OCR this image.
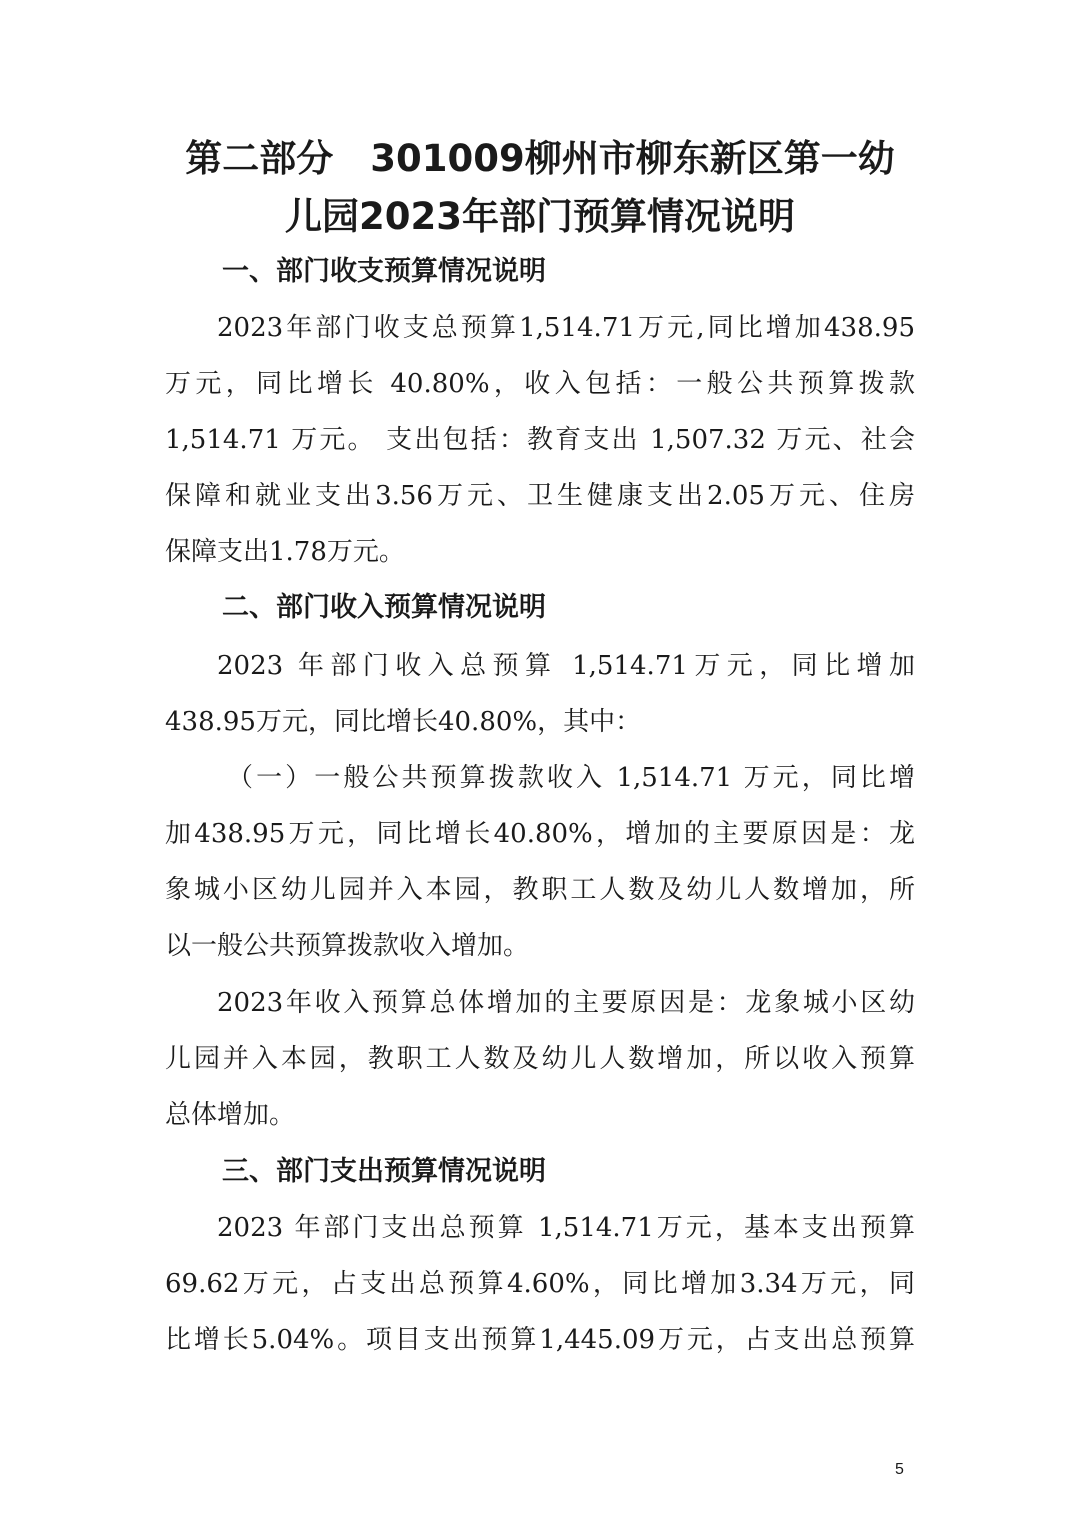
第二部分　301009柳州市柳东新区第一幼
儿园2023年部门预算情况说明
一、部门收支预算情况说明
2023年部门收支总预算1,514.71万元,同比增加438.95
万元，同比增长 40.80%，收入包括：一般公共预算拨款
1,514.71 万元。 支出包括：教育支出 1,507.32 万元、社会
保障和就业支出3.56万元、卫生健康支出2.05万元、住房
保障支出1.78万元。
二、部门收入预算情况说明
2023 年部门收入总预算 1,514.71万元，同比增加
438.95万元，同比增长40.80%，其中：
（一）一般公共预算拨款收入 1,514.71 万元，同比增
加438.95万元，同比增长40.80%，增加的主要原因是：龙
象城小区幼儿园并入本园，教职工人数及幼儿人数增加，所
以一般公共预算拨款收入增加。
2023年收入预算总体增加的主要原因是：龙象城小区幼
儿园并入本园，教职工人数及幼儿人数增加，所以收入预算
总体增加。
三、部门支出预算情况说明
2023 年部门支出总预算 1,514.71万元，基本支出预算
69.62万元，占支出总预算4.60%，同比增加3.34万元，同
比增长5.04%。项目支出预算1,445.09万元，占支出总预算
5
